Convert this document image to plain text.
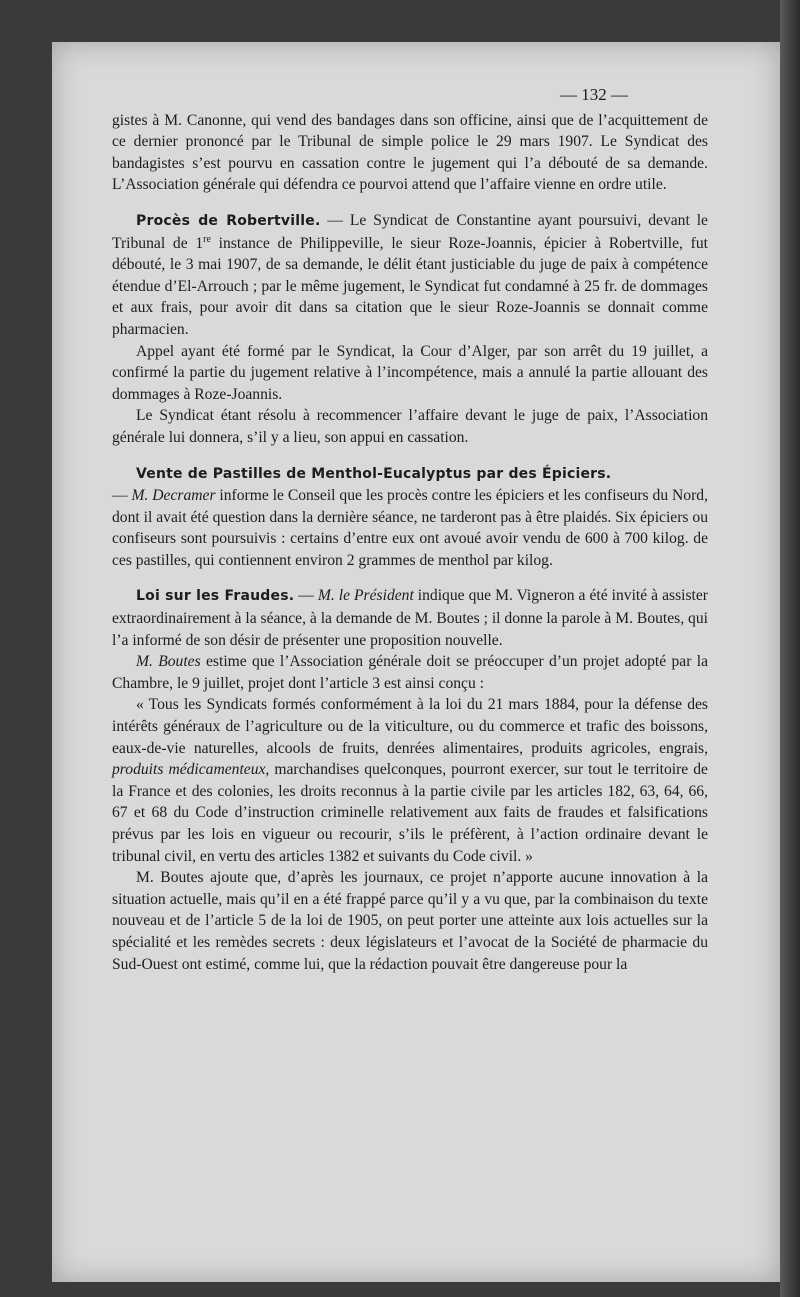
— 132 —

gistes à M. Canonne, qui vend des bandages dans son officine, ainsi que de l’acquittement de ce dernier prononcé par le Tribunal de simple police le 29 mars 1907. Le Syndicat des bandagistes s’est pourvu en cassation contre le jugement qui l’a débouté de sa demande. L’Association générale qui défendra ce pourvoi attend que l’affaire vienne en ordre utile.

Procès de Robertville. — Le Syndicat de Constantine ayant poursuivi, devant le Tribunal de 1re instance de Philippeville, le sieur Roze-Joannis, épicier à Robertville, fut débouté, le 3 mai 1907, de sa demande, le délit étant justiciable du juge de paix à compétence étendue d’El-Arrouch ; par le même jugement, le Syndicat fut condamné à 25 fr. de dommages et aux frais, pour avoir dit dans sa citation que le sieur Roze-Joannis se donnait comme pharmacien.

Appel ayant été formé par le Syndicat, la Cour d’Alger, par son arrêt du 19 juillet, a confirmé la partie du jugement relative à l’incompétence, mais a annulé la partie allouant des dommages à Roze-Joannis.

Le Syndicat étant résolu à recommencer l’affaire devant le juge de paix, l’Association générale lui donnera, s’il y a lieu, son appui en cassation.

Vente de Pastilles de Menthol-Eucalyptus par des Épiciers.

— M. Decramer informe le Conseil que les procès contre les épiciers et les confiseurs du Nord, dont il avait été question dans la dernière séance, ne tarderont pas à être plaidés. Six épiciers ou confiseurs sont poursuivis : certains d’entre eux ont avoué avoir vendu de 600 à 700 kilog. de ces pastilles, qui contiennent environ 2 grammes de menthol par kilog.

Loi sur les Fraudes. — M. le Président indique que M. Vigneron a été invité à assister extraordinairement à la séance, à la demande de M. Boutes ; il donne la parole à M. Boutes, qui l’a informé de son désir de présenter une proposition nouvelle.

M. Boutes estime que l’Association générale doit se préoccuper d’un projet adopté par la Chambre, le 9 juillet, projet dont l’article 3 est ainsi conçu :

« Tous les Syndicats formés conformément à la loi du 21 mars 1884, pour la défense des intérêts généraux de l’agriculture ou de la viticulture, ou du commerce et trafic des boissons, eaux-de-vie naturelles, alcools de fruits, denrées alimentaires, produits agricoles, engrais, produits médicamenteux, marchandises quelconques, pourront exercer, sur tout le territoire de la France et des colonies, les droits reconnus à la partie civile par les articles 182, 63, 64, 66, 67 et 68 du Code d’instruction criminelle relativement aux faits de fraudes et falsifications prévus par les lois en vigueur ou recourir, s’ils le préfèrent, à l’action ordinaire devant le tribunal civil, en vertu des articles 1382 et suivants du Code civil. »

M. Boutes ajoute que, d’après les journaux, ce projet n’apporte aucune innovation à la situation actuelle, mais qu’il en a été frappé parce qu’il y a vu que, par la combinaison du texte nouveau et de l’article 5 de la loi de 1905, on peut porter une atteinte aux lois actuelles sur la spécialité et les remèdes secrets : deux législateurs et l’avocat de la Société de pharmacie du Sud-Ouest ont estimé, comme lui, que la rédaction pouvait être dangereuse pour la
